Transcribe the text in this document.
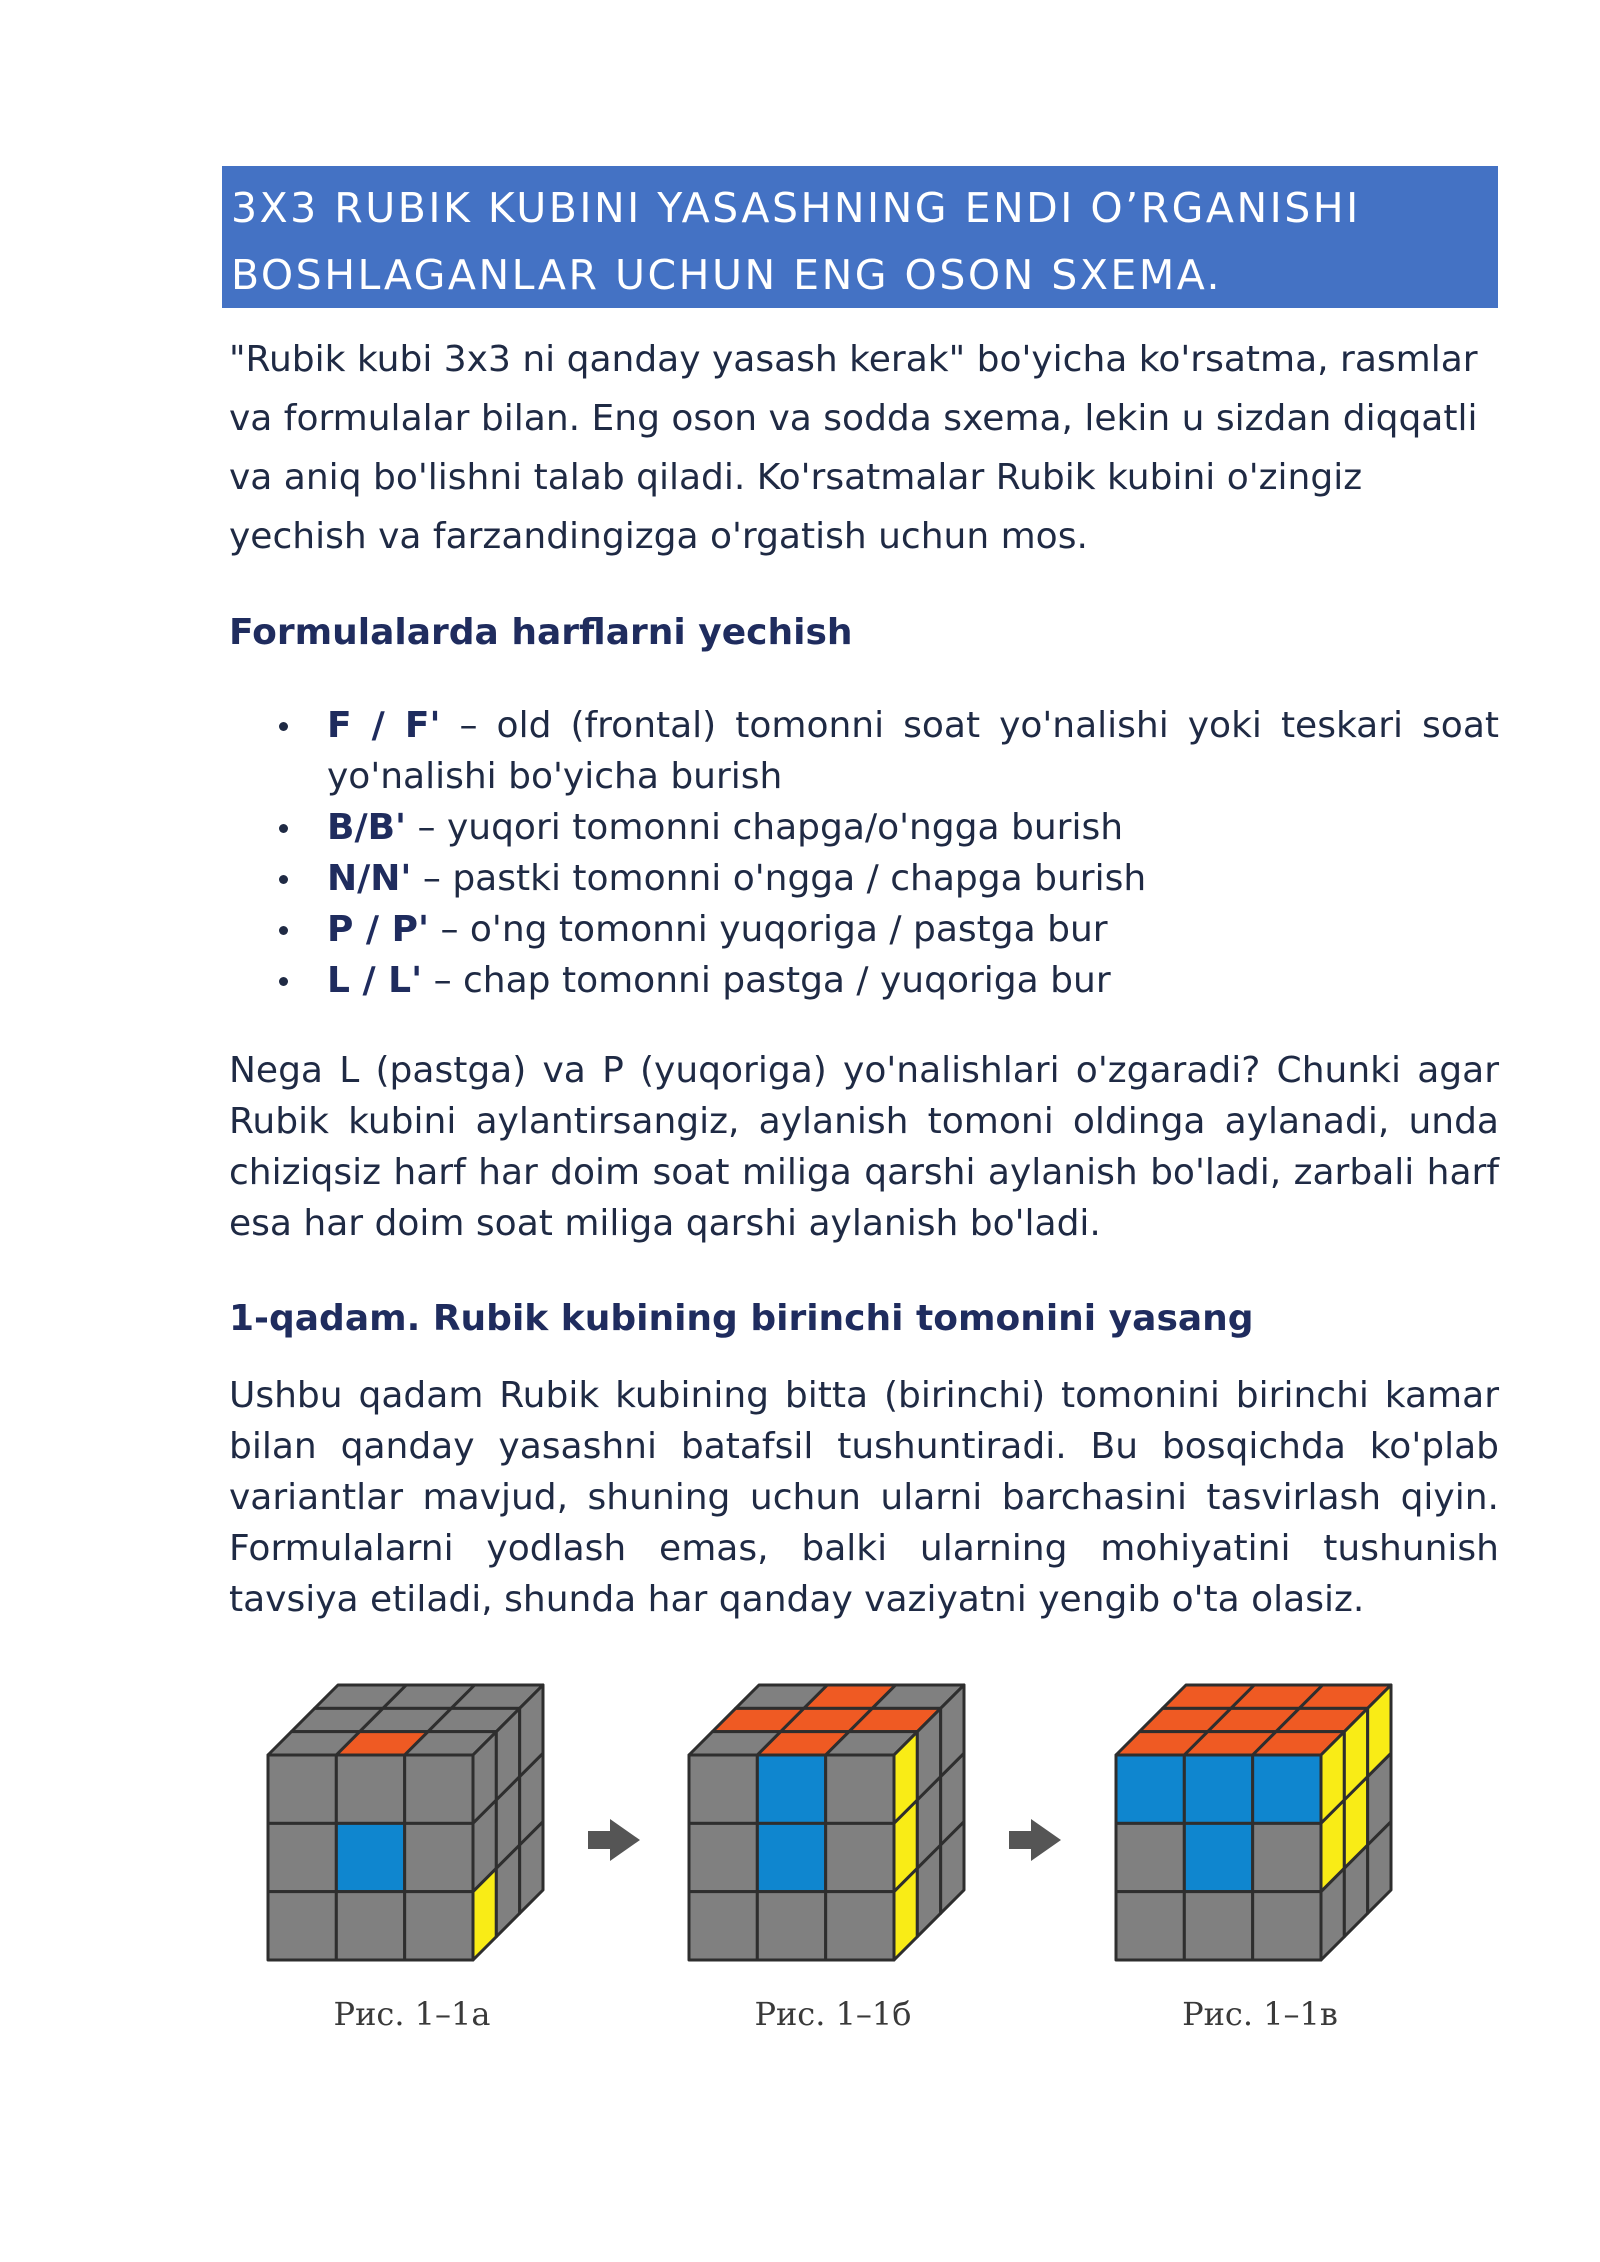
3X3 RUBIK KUBINI YASASHNING ENDI O’RGANISHI
BOSHLAGANLAR UCHUN ENG OSON SXEMA.
"Rubik kubi 3x3 ni qanday yasash kerak" bo'yicha ko'rsatma, rasmlar
va formulalar bilan. Eng oson va sodda sxema, lekin u sizdan diqqatli
va aniq bo'lishni talab qiladi. Ko'rsatmalar Rubik kubini o'zingiz
yechish va farzandingizga o'rgatish uchun mos.
Formulalarda harflarni yechish
F / F' – old (frontal) tomonni soat yo'nalishi yoki teskari soat yo'nalishi bo'yicha burish
B/B' – yuqori tomonni chapga/o'ngga burish
N/N' – pastki tomonni o'ngga / chapga burish
P / P' – o'ng tomonni yuqoriga / pastga bur
L / L' – chap tomonni pastga / yuqoriga bur
Nega L (pastga) va P (yuqoriga) yo'nalishlari o'zgaradi? Chunki agar Rubik kubini aylantirsangiz, aylanish tomoni oldinga aylanadi, unda chiziqsiz harf har doim soat miliga qarshi aylanish bo'ladi, zarbali harf esa har doim soat miliga qarshi aylanish bo'ladi.
1-qadam. Rubik kubining birinchi tomonini yasang
Ushbu qadam Rubik kubining bitta (birinchi) tomonini birinchi kamar bilan qanday yasashni batafsil tushuntiradi. Bu bosqichda ko'plab variantlar mavjud, shuning uchun ularni barchasini tasvirlash qiyin. Formulalarni yodlash emas, balki ularning mohiyatini tushunish tavsiya etiladi, shunda har qanday vaziyatni yengib o'ta olasiz.
Рис. 1–1а	Рис. 1–1б	Рис. 1–1в
